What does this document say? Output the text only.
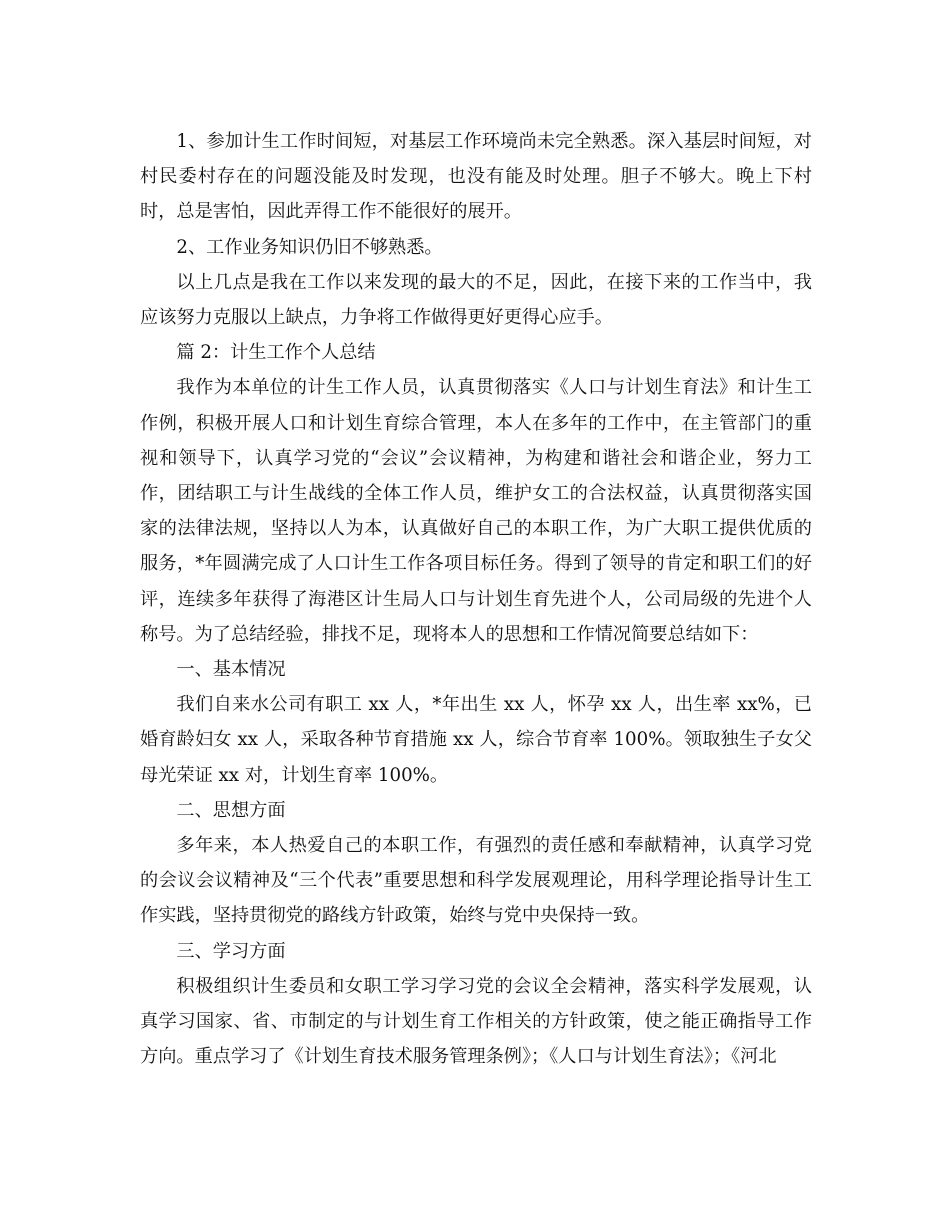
1、参加计生工作时间短，对基层工作环境尚未完全熟悉。深入基层时间短，对村民委村存在的问题没能及时发现，也没有能及时处理。胆子不够大。晚上下村时，总是害怕，因此弄得工作不能很好的展开。

2、工作业务知识仍旧不够熟悉。

以上几点是我在工作以来发现的最大的不足，因此，在接下来的工作当中，我应该努力克服以上缺点，力争将工作做得更好更得心应手。

篇 2：计生工作个人总结

我作为本单位的计生工作人员，认真贯彻落实《人口与计划生育法》和计生工作例，积极开展人口和计划生育综合管理，本人在多年的工作中，在主管部门的重视和领导下，认真学习党的“会议”会议精神，为构建和谐社会和谐企业，努力工作，团结职工与计生战线的全体工作人员，维护女工的合法权益，认真贯彻落实国家的法律法规，坚持以人为本，认真做好自己的本职工作，为广大职工提供优质的服务，*年圆满完成了人口计生工作各项目标任务。得到了领导的肯定和职工们的好评，连续多年获得了海港区计生局人口与计划生育先进个人，公司局级的先进个人称号。为了总结经验，排找不足，现将本人的思想和工作情况简要总结如下：

一、基本情况

我们自来水公司有职工 xx 人，*年出生 xx 人，怀孕 xx 人，出生率 xx%，已婚育龄妇女 xx 人，采取各种节育措施 xx 人，综合节育率 100%。领取独生子女父母光荣证 xx 对，计划生育率 100%。

二、思想方面

多年来，本人热爱自己的本职工作，有强烈的责任感和奉献精神，认真学习党的会议会议精神及“三个代表”重要思想和科学发展观理论，用科学理论指导计生工作实践，坚持贯彻党的路线方针政策，始终与党中央保持一致。

三、学习方面

积极组织计生委员和女职工学习学习党的会议全会精神，落实科学发展观，认真学习国家、省、市制定的与计划生育工作相关的方针政策，使之能正确指导工作方向。重点学习了《计划生育技术服务管理条例》；《人口与计划生育法》；《河北
